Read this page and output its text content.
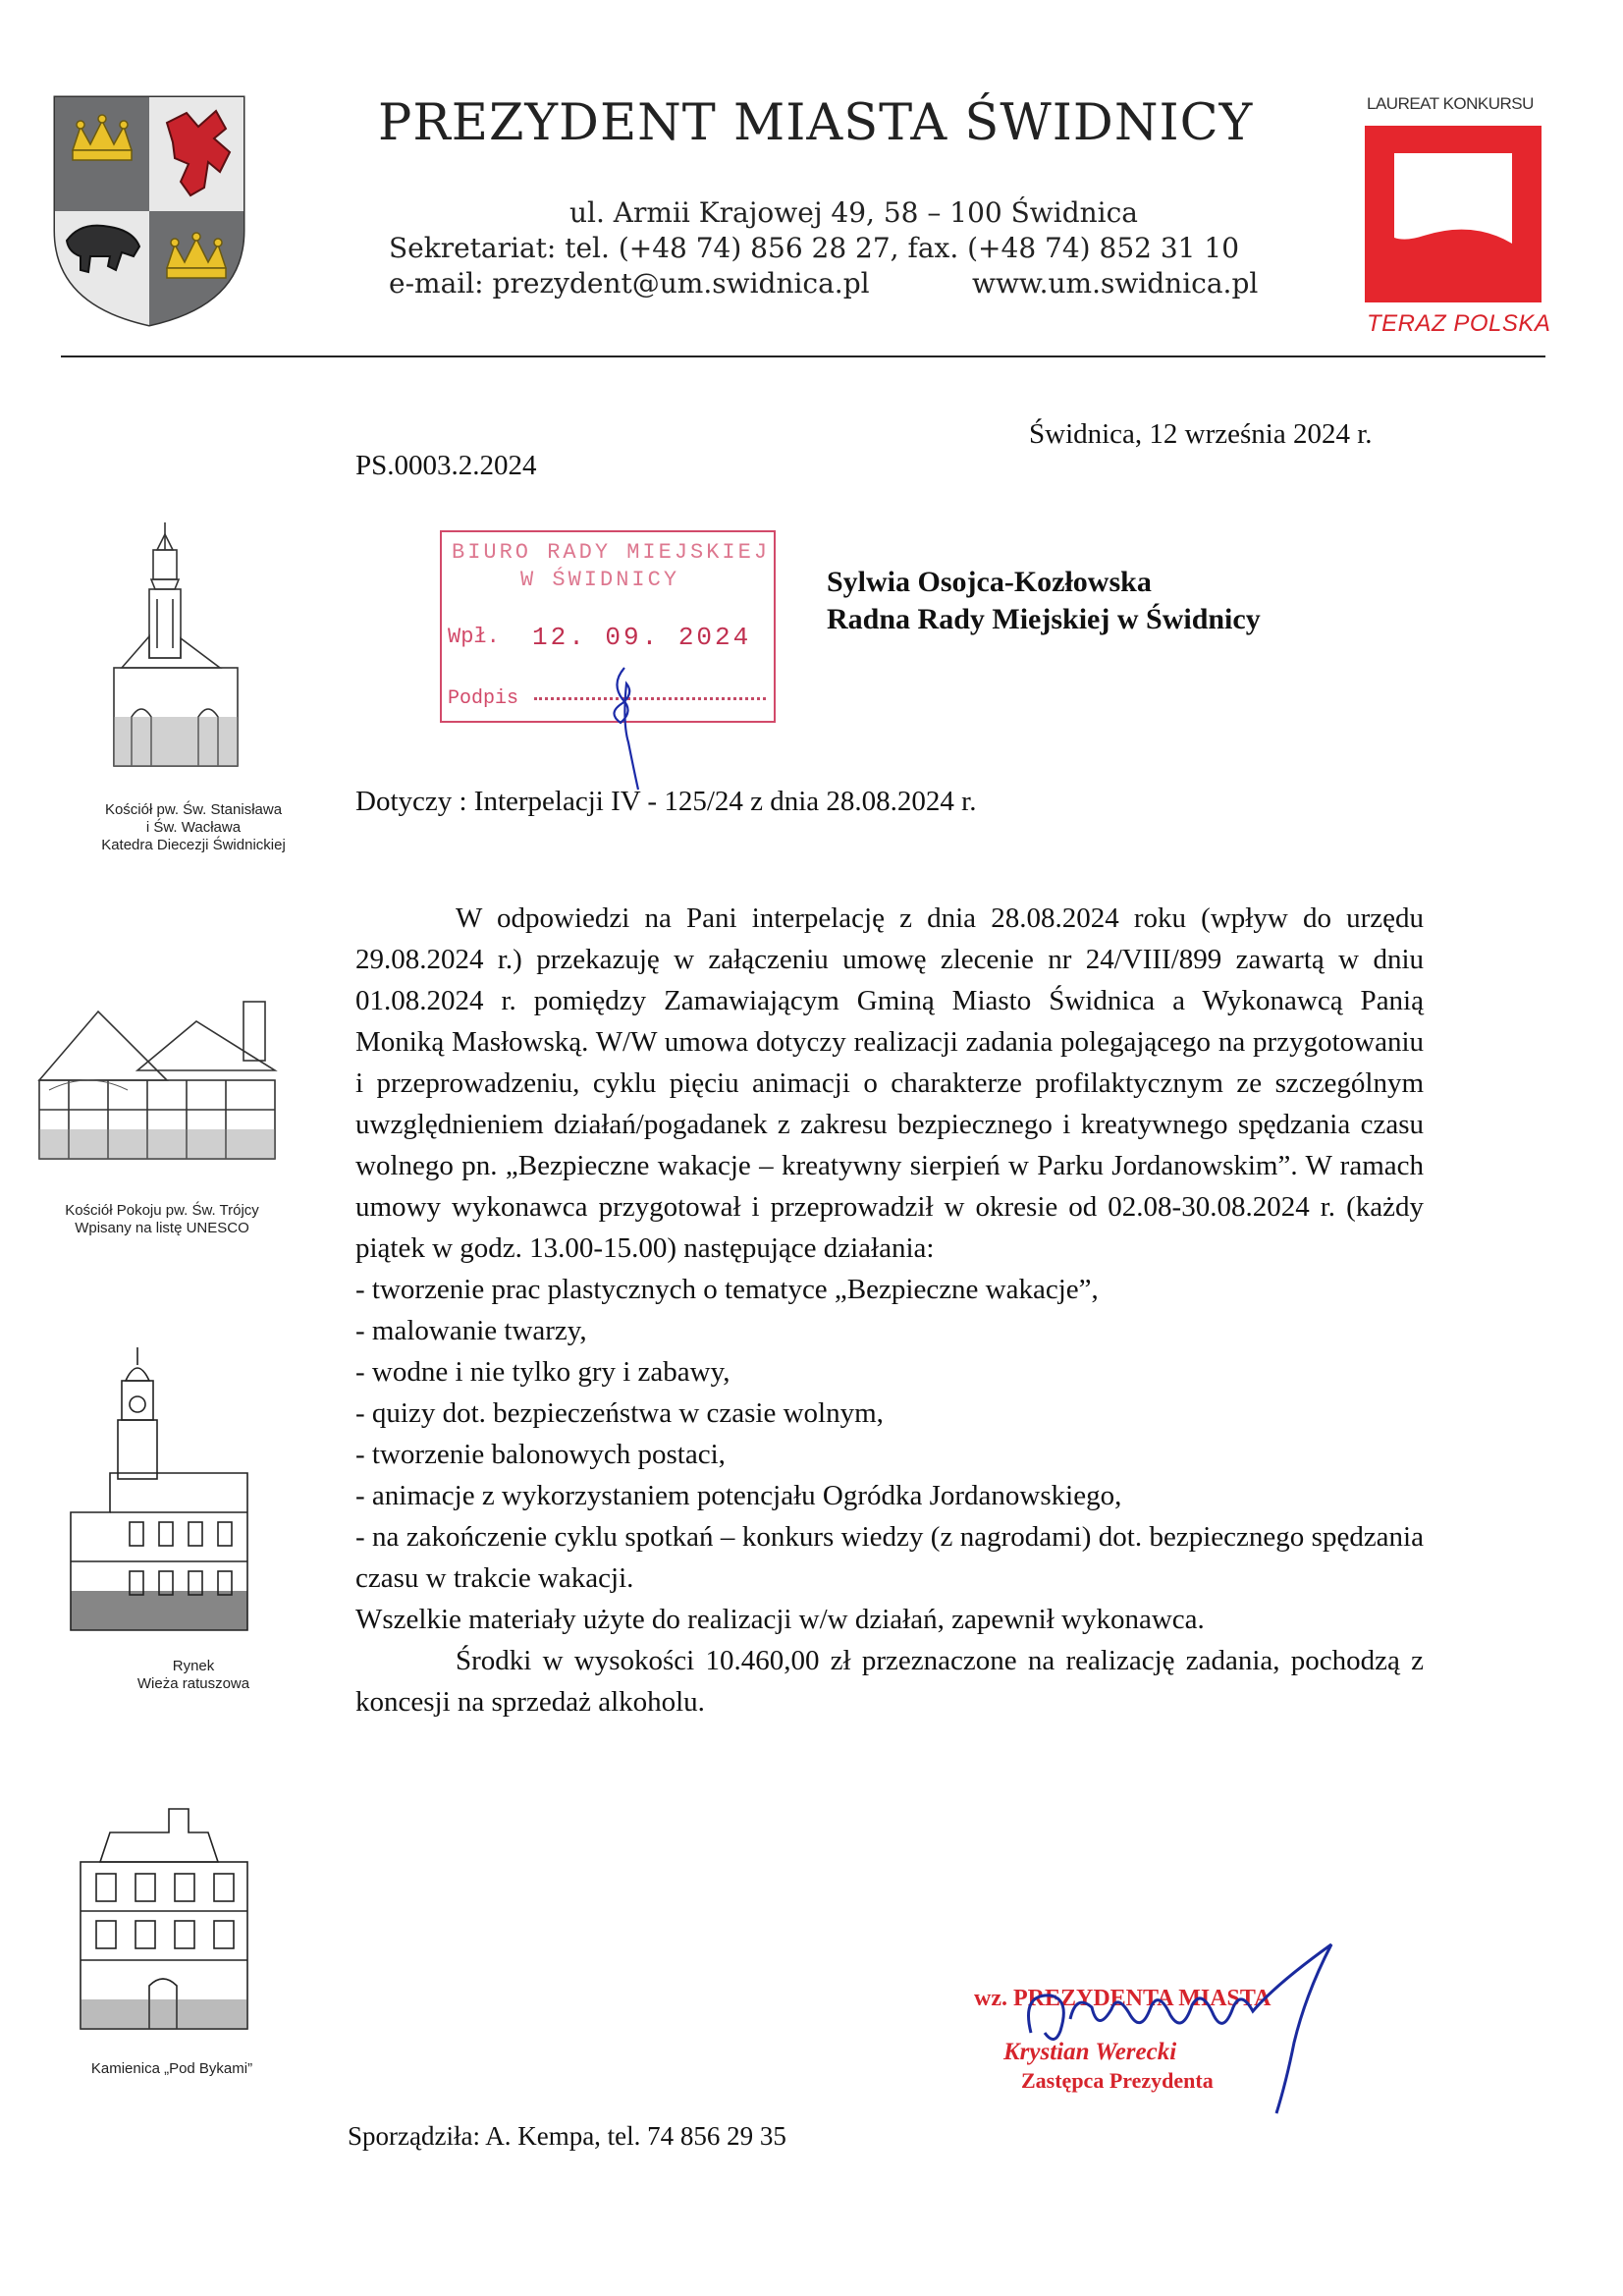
PREZYDENT MIASTA ŚWIDNICY
ul. Armii Krajowej 49, 58 – 100 Świdnica
Sekretariat: tel. (+48 74) 856 28 27, fax. (+48 74) 852 31 10
e-mail: prezydent@um.swidnica.pl	www.um.swidnica.pl
LAUREAT KONKURSU
TERAZ POLSKA
Świdnica, 12 września 2024 r.
PS.0003.2.2024
BIURO RADY MIEJSKIEJ
W ŚWIDNICY
Wpł. 12. 09. 2024
Podpis
Sylwia Osojca-Kozłowska
Radna Rady Miejskiej w Świdnicy
Dotyczy : Interpelacji IV - 125/24 z dnia 28.08.2024 r.
Kościół pw. Św. Stanisława
i Św. Wacława
Katedra Diecezji Świdnickiej
Kościół Pokoju pw. Św. Trójcy
Wpisany na listę UNESCO
Rynek
Wieża ratuszowa
Kamienica „Pod Bykami”

W odpowiedzi na Pani interpelację z dnia 28.08.2024 roku (wpływ do urzędu 29.08.2024 r.) przekazuję w załączeniu umowę zlecenie nr 24/VIII/899 zawartą w dniu 01.08.2024 r. pomiędzy Zamawiającym Gminą Miasto Świdnica a Wykonawcą Panią Moniką Masłowską. W/W umowa dotyczy realizacji zadania polegającego na przygotowaniu i przeprowadzeniu, cyklu pięciu animacji o charakterze profilaktycznym ze szczególnym uwzględnieniem działań/pogadanek z zakresu bezpiecznego i kreatywnego spędzania czasu wolnego pn. „Bezpieczne wakacje – kreatywny sierpień w Parku Jordanowskim”. W ramach umowy wykonawca przygotował i przeprowadził w okresie od 02.08-30.08.2024 r. (każdy piątek w godz. 13.00-15.00) następujące działania:

- tworzenie prac plastycznych o tematyce „Bezpieczne wakacje”,
- malowanie twarzy,
- wodne i nie tylko gry i zabawy,
- quizy dot. bezpieczeństwa w czasie wolnym,
- tworzenie balonowych postaci,
- animacje z wykorzystaniem potencjału Ogródka Jordanowskiego,
- na zakończenie cyklu spotkań – konkurs wiedzy (z nagrodami) dot. bezpiecznego spędzania czasu w trakcie wakacji.

Wszelkie materiały użyte do realizacji w/w działań, zapewnił wykonawca.

Środki w wysokości 10.460,00 zł przeznaczone na realizację zadania, pochodzą z koncesji na sprzedaż alkoholu.

wz. PREZYDENTA MIASTA
Krystian Werecki
Zastępca Prezydenta
Sporządziła: A. Kempa, tel. 74 856 29 35
